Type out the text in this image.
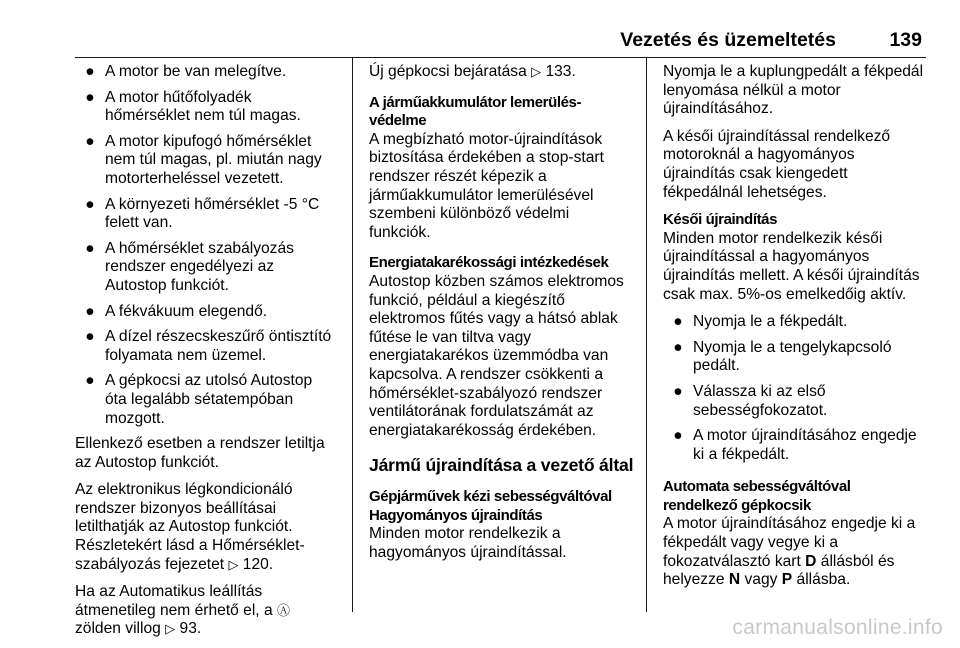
Vezetés és üzemeltetés	139
● A motor be van melegítve.
● A motor hűtőfolyadék
hőmérséklet nem túl magas.
● A motor kipufogó hőmérséklet
nem túl magas, pl. miután nagy
motorterheléssel vezetett.
● A környezeti hőmérséklet -5 °C
felett van.
● A hőmérséklet szabályozás
rendszer engedélyezi az
Autostop funkciót.
● A fékvákuum elegendő.
● A dízel részecskeszűrő öntisztító
folyamata nem üzemel.
● A gépkocsi az utolsó Autostop
óta legalább sétatempóban
mozgott.

Ellenkező esetben a rendszer letiltja
az Autostop funkciót.

Az elektronikus légkondicionáló
rendszer bizonyos beállításai
letilthatják az Autostop funkciót.
Részletekért lásd a Hőmérséklet-
szabályozás fejezetet ▷ 120.

Ha az Automatikus leállítás
átmenetileg nem érhető el, a Ⓐ
zölden villog ▷ 93.

Új gépkocsi bejáratása ▷ 133.

A járműakkumulátor lemerülés-
védelme
A megbízható motor-újraindítások
biztosítása érdekében a stop-start
rendszer részét képezik a
járműakkumulátor lemerülésével
szembeni különböző védelmi
funkciók.
Energiatakarékossági intézkedések
Autostop közben számos elektromos
funkció, például a kiegészítő
elektromos fűtés vagy a hátsó ablak
fűtése le van tiltva vagy
energiatakarékos üzemmódba van
kapcsolva. A rendszer csökkenti a
hőmérséklet-szabályozó rendszer
ventilátorának fordulatszámát az
energiatakarékosság érdekében.
Jármű újraindítása a vezető által
Gépjárművek kézi sebességváltóval
Hagyományos újraindítás
Minden motor rendelkezik a
hagyományos újraindítással.

Nyomja le a kuplungpedált a fékpedál
lenyomása nélkül a motor
újraindításához.

A késői újraindítással rendelkező
motoroknál a hagyományos
újraindítás csak kiengedett
fékpedálnál lehetséges.

Késői újraindítás
Minden motor rendelkezik késői
újraindítással a hagyományos
újraindítás mellett. A késői újraindítás
csak max. 5%-os emelkedőig aktív.
● Nyomja le a fékpedált.
● Nyomja le a tengelykapcsoló
pedált.
● Válassza ki az első
sebességfokozatot.
● A motor újraindításához engedje
ki a fékpedált.
Automata sebességváltóval
rendelkező gépkocsik
A motor újraindításához engedje ki a
fékpedált vagy vegye ki a
fokozatválasztó kart D állásból és
helyezze N vagy P állásba.
carmanualsonline.info
